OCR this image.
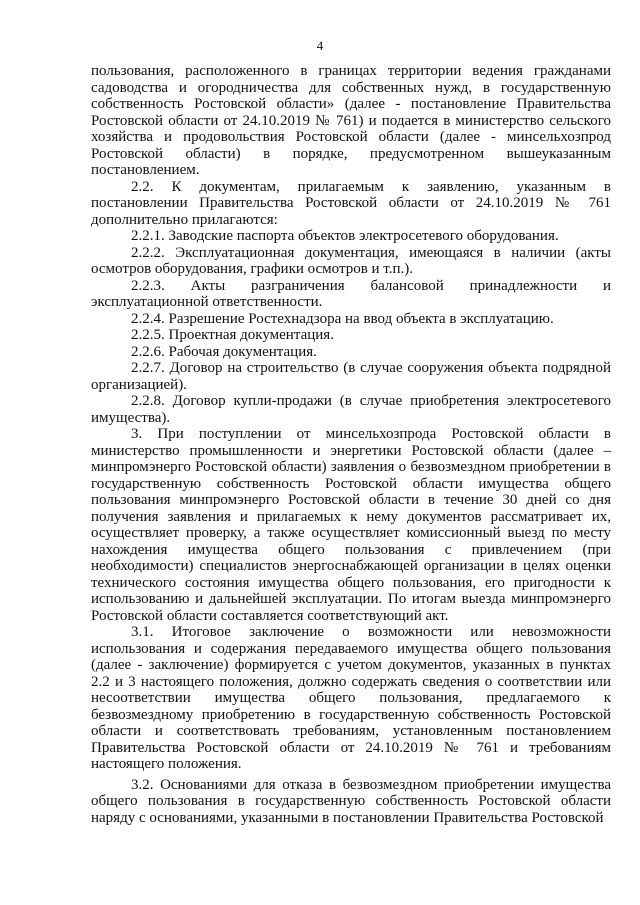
4

пользования, расположенного в границах территории ведения гражданами садоводства и огородничества для собственных нужд, в государственную собственность Ростовской области» (далее - постановление Правительства Ростовской области от 24.10.2019 № 761) и подается в министерство сельского хозяйства и продовольствия Ростовской области (далее - минсельхозпрод Ростовской области) в порядке, предусмотренном вышеуказанным постановлением.

2.2. К документам, прилагаемым к заявлению, указанным в постановлении Правительства Ростовской области от 24.10.2019 № 761 дополнительно прилагаются:

2.2.1. Заводские паспорта объектов электросетевого оборудования.

2.2.2. Эксплуатационная документация, имеющаяся в наличии (акты осмотров оборудования, графики осмотров и т.п.).

2.2.3. Акты разграничения балансовой принадлежности и эксплуатационной ответственности.

2.2.4. Разрешение Ростехнадзора на ввод объекта в эксплуатацию.

2.2.5. Проектная документация.

2.2.6. Рабочая документация.

2.2.7. Договор на строительство (в случае сооружения объекта подрядной организацией).

2.2.8. Договор купли-продажи (в случае приобретения электросетевого имущества).

3. При поступлении от минсельхозпрода Ростовской области в министерство промышленности и энергетики Ростовской области (далее – минпромэнерго Ростовской области) заявления о безвозмездном приобретении в государственную собственность Ростовской области имущества общего пользования минпромэнерго Ростовской области в течение 30 дней со дня получения заявления и прилагаемых к нему документов рассматривает их, осуществляет проверку, а также осуществляет комиссионный выезд по месту нахождения имущества общего пользования с привлечением (при необходимости) специалистов энергоснабжающей организации в целях оценки технического состояния имущества общего пользования, его пригодности к использованию и дальнейшей эксплуатации. По итогам выезда минпромэнерго Ростовской области составляется соответствующий акт.

3.1. Итоговое заключение о возможности или невозможности использования и содержания передаваемого имущества общего пользования (далее - заключение) формируется с учетом документов, указанных в пунктах 2.2 и 3 настоящего положения, должно содержать сведения о соответствии или несоответствии имущества общего пользования, предлагаемого к безвозмездному приобретению в государственную собственность Ростовской области и соответствовать требованиям, установленным постановлением Правительства Ростовской области от 24.10.2019 № 761 и требованиям настоящего положения.

3.2. Основаниями для отказа в безвозмездном приобретении имущества общего пользования в государственную собственность Ростовской области наряду с основаниями, указанными в постановлении Правительства Ростовской
